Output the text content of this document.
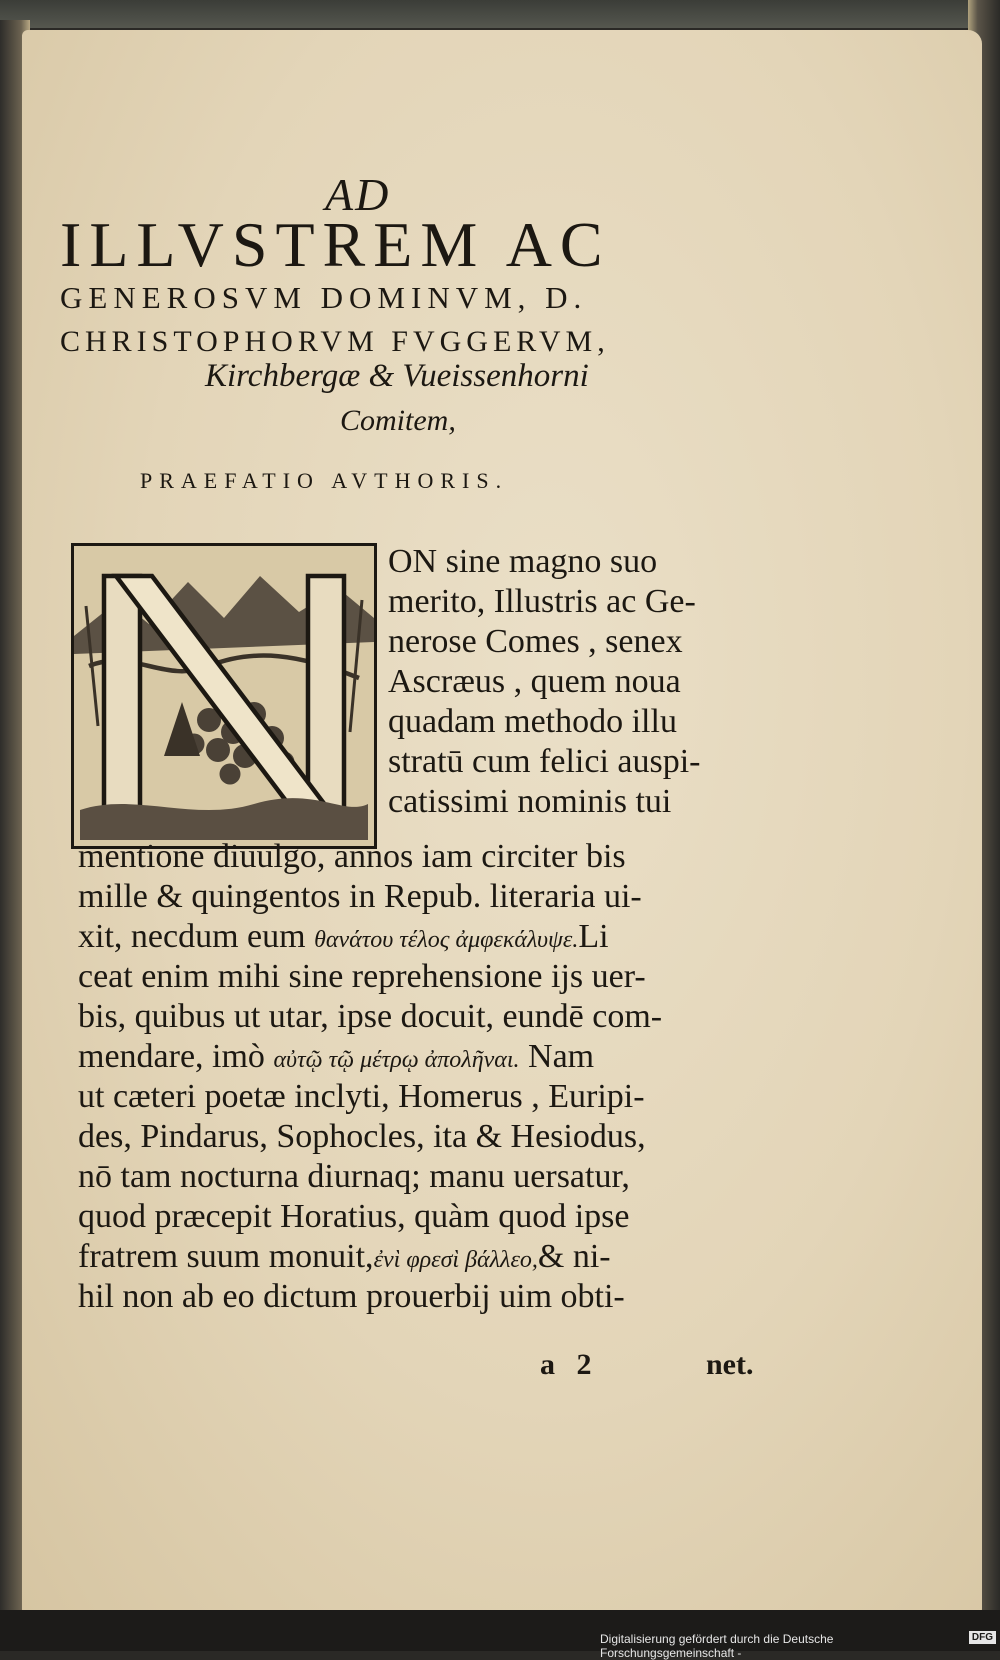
AD
ILLVSTREM AC
GENEROSVM DOMINVM, D.
CHRISTOPHORVM FVGGERVM,
Kirchbergæ & Vueissenhorni
Comitem,
PRAEFATIO AVTHORIS.
ON sine magno suo
merito, Illustris ac Ge-
nerose Comes , senex
Ascræus , quem noua
quadam methodo illu
stratū cum felici auspi-
catissimi nominis tui
mentione diuulgo, annos iam circiter bis
mille & quingentos in Repub. literaria ui-
xit, necdum eum θανάτου τέλος ἀμφεκάλυψε.Li
ceat enim mihi sine reprehensione ijs uer-
bis, quibus ut utar, ipse docuit, eundē com-
mendare, imò αὐτῷ τῷ μέτρῳ ἀπολῆναι. Nam
ut cæteri poetæ inclyti, Homerus , Euripi-
des, Pindarus, Sophocles, ita & Hesiodus,
nō tam nocturna diurnaq; manu uersatur,
quod præcepit Horatius, quàm quod ipse
fratrem suum monuit,ἐνὶ φρεσὶ βάλλεο,& ni-
hil non ab eo dictum prouerbij uim obti-
a 2	net.
Digitalisierung gefördert durch die Deutsche Forschungsgemeinschaft -
DFG
